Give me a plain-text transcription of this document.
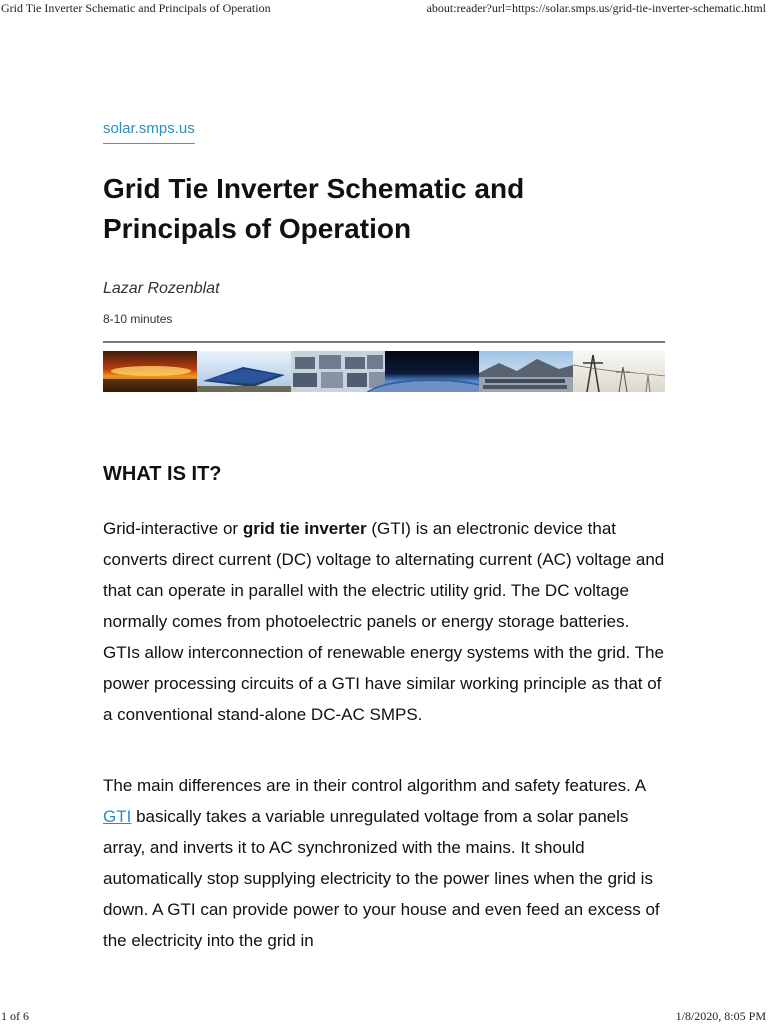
Grid Tie Inverter Schematic and Principals of Operation	about:reader?url=https://solar.smps.us/grid-tie-inverter-schematic.html
solar.smps.us
Grid Tie Inverter Schematic and Principals of Operation
Lazar Rozenblat
8-10 minutes
WHAT IS IT?

Grid-interactive or grid tie inverter (GTI) is an electronic device that converts direct current (DC) voltage to alternating current (AC) voltage and that can operate in parallel with the electric utility grid. The DC voltage normally comes from photoelectric panels or energy storage batteries. GTIs allow interconnection of renewable energy systems with the grid. The power processing circuits of a GTI have similar working principle as that of a conventional stand-alone DC-AC SMPS.

The main differences are in their control algorithm and safety features. A GTI basically takes a variable unregulated voltage from a solar panels array, and inverts it to AC synchronized with the mains. It should automatically stop supplying electricity to the power lines when the grid is down. A GTI can provide power to your house and even feed an excess of the electricity into the grid in

1 of 6	1/8/2020, 8:05 PM
